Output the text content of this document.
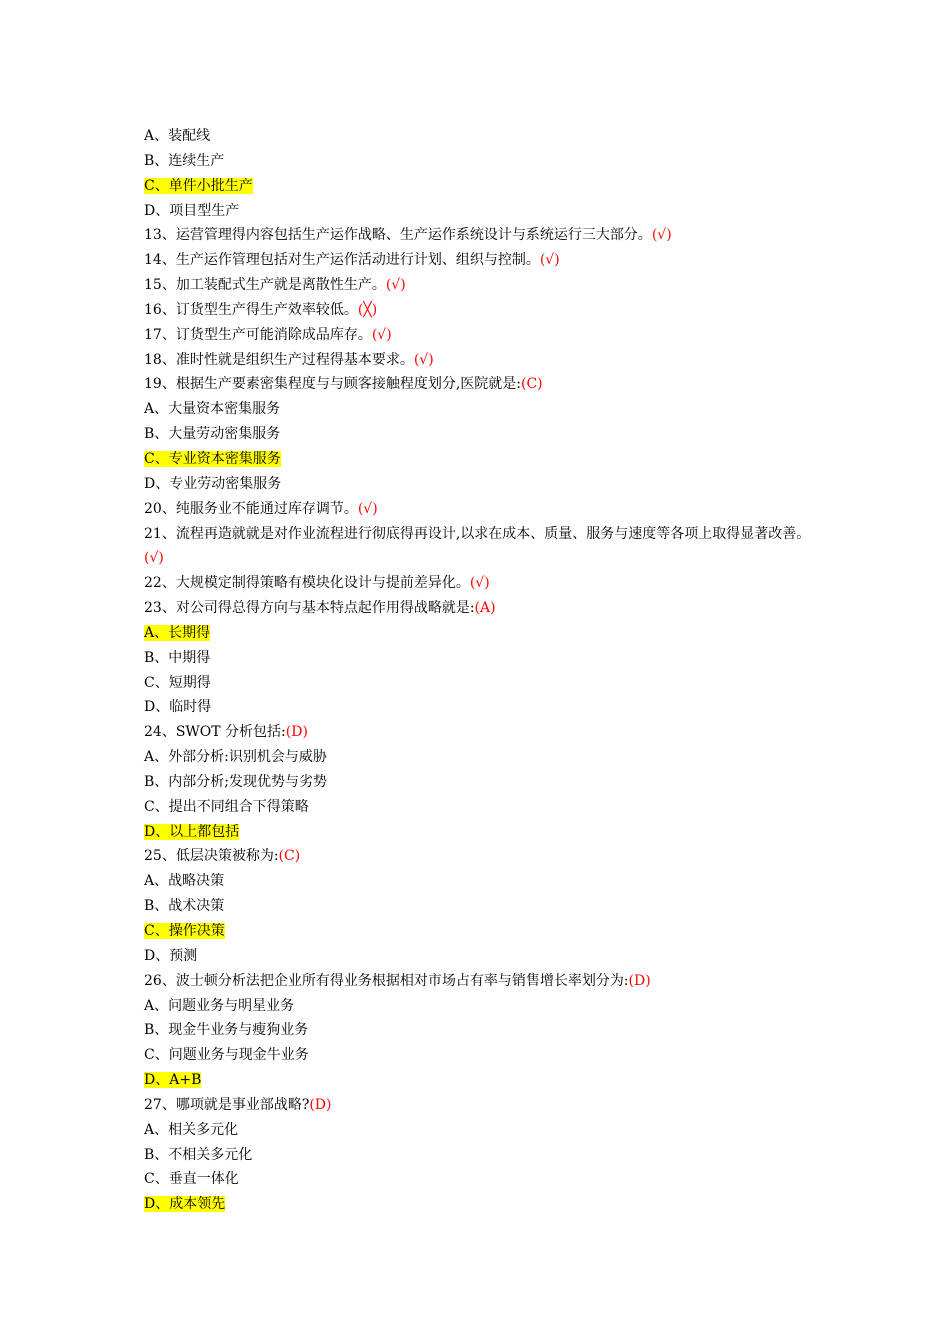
A、装配线
B、连续生产
C、单件小批生产
D、项目型生产
13、运营管理得内容包括生产运作战略、生产运作系统设计与系统运行三大部分。(√)
14、生产运作管理包括对生产运作活动进行计划、组织与控制。(√)
15、加工装配式生产就是离散性生产。(√)
16、订货型生产得生产效率较低。(╳)
17、订货型生产可能消除成品库存。(√)
18、准时性就是组织生产过程得基本要求。(√)
19、根据生产要素密集程度与与顾客接触程度划分,医院就是:(C)
A、大量资本密集服务
B、大量劳动密集服务
C、专业资本密集服务
D、专业劳动密集服务
20、纯服务业不能通过库存调节。(√)
21、流程再造就就是对作业流程进行彻底得再设计,以求在成本、质量、服务与速度等各项上取得显著改善。(√)
22、大规模定制得策略有模块化设计与提前差异化。(√)
23、对公司得总得方向与基本特点起作用得战略就是:(A)
A、长期得
B、中期得
C、短期得
D、临时得
24、SWOT 分析包括:(D)
A、外部分析:识别机会与威胁
B、内部分析;发现优势与劣势
C、提出不同组合下得策略
D、以上都包括
25、低层决策被称为:(C)
A、战略决策
B、战术决策
C、操作决策
D、预测
26、波士顿分析法把企业所有得业务根据相对市场占有率与销售增长率划分为:(D)
A、问题业务与明星业务
B、现金牛业务与瘦狗业务
C、问题业务与现金牛业务
D、A+B
27、哪项就是事业部战略?(D)
A、相关多元化
B、不相关多元化
C、垂直一体化
D、成本领先
